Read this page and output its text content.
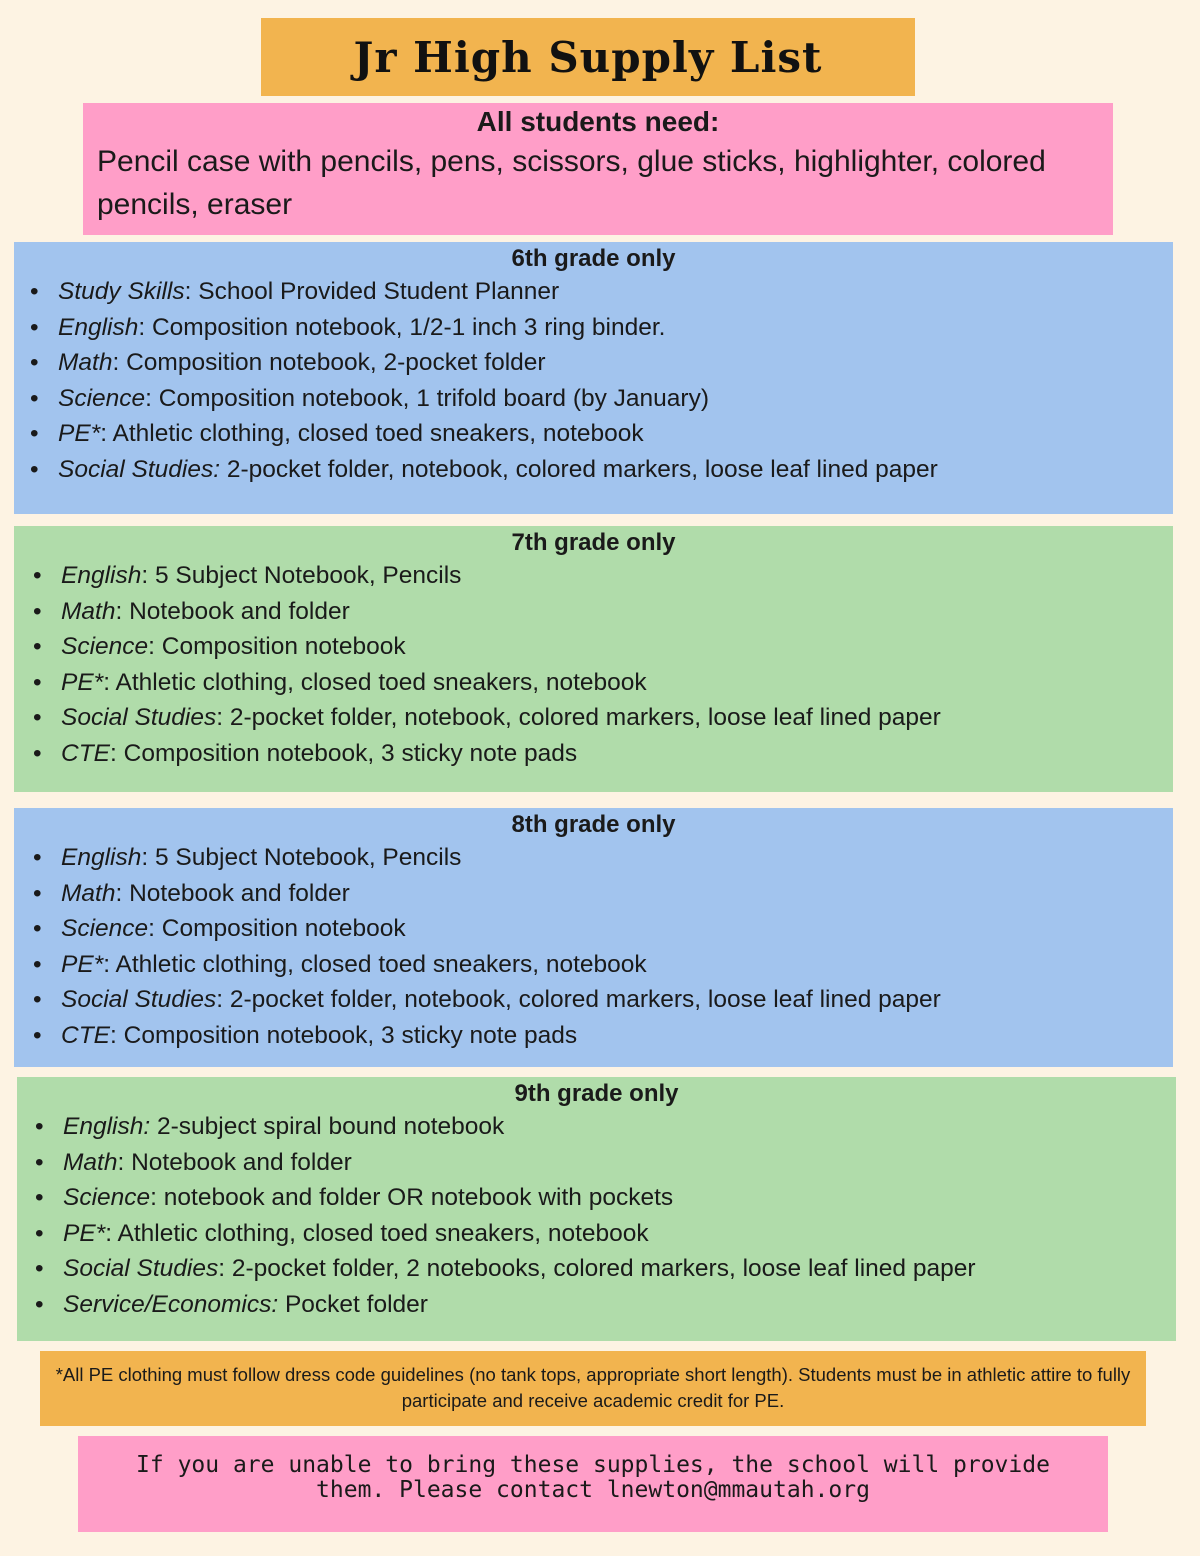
Jr High Supply List
All students need:
Pencil case with pencils, pens, scissors, glue sticks, highlighter, colored pencils, eraser
6th grade only
• Study Skills: School Provided Student Planner
• English: Composition notebook, 1/2-1 inch 3 ring binder.
• Math: Composition notebook, 2-pocket folder
• Science: Composition notebook, 1 trifold board (by January)
• PE*: Athletic clothing, closed toed sneakers, notebook
• Social Studies: 2-pocket folder, notebook, colored markers, loose leaf lined paper
7th grade only
• English: 5 Subject Notebook, Pencils
• Math: Notebook and folder
• Science: Composition notebook
• PE*: Athletic clothing, closed toed sneakers, notebook
• Social Studies: 2-pocket folder, notebook, colored markers, loose leaf lined paper
• CTE: Composition notebook, 3 sticky note pads
8th grade only
• English: 5 Subject Notebook, Pencils
• Math: Notebook and folder
• Science: Composition notebook
• PE*: Athletic clothing, closed toed sneakers, notebook
• Social Studies: 2-pocket folder, notebook, colored markers, loose leaf lined paper
• CTE: Composition notebook, 3 sticky note pads
9th grade only
• English: 2-subject spiral bound notebook
• Math: Notebook and folder
• Science: notebook and folder OR notebook with pockets
• PE*: Athletic clothing, closed toed sneakers, notebook
• Social Studies: 2-pocket folder, 2 notebooks, colored markers, loose leaf lined paper
• Service/Economics: Pocket folder
*All PE clothing must follow dress code guidelines (no tank tops, appropriate short length). Students must be in athletic attire to fully participate and receive academic credit for PE.
If you are unable to bring these supplies, the school will provide
them. Please contact lnewton@mmautah.org
